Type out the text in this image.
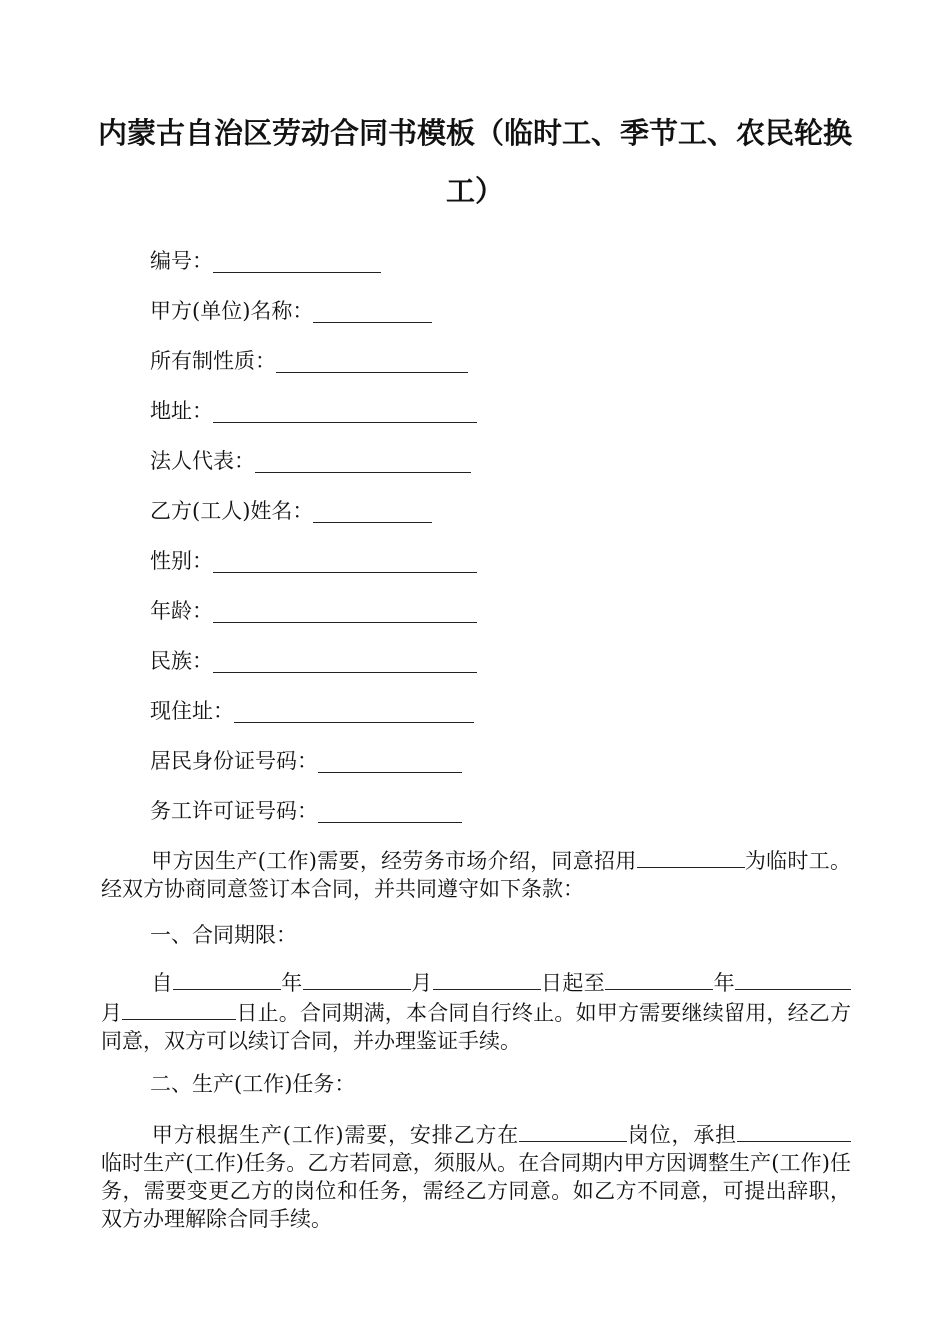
内蒙古自治区劳动合同书模板（临时工、季节工、农民轮换工）
编号：
甲方(单位)名称：
所有制性质：
地址：
法人代表：
乙方(工人)姓名：
性别：
年龄：
民族：
现住址：
居民身份证号码：
务工许可证号码：

甲方因生产(工作)需要，经劳务市场介绍，同意招用	为临时工。经双方协商同意签订本合同，并共同遵守如下条款：

一、合同期限：

自	年	月	日起至	年月	日止。合同期满，本合同自行终止。如甲方需要继续留用，经乙方同意，双方可以续订合同，并办理鉴证手续。

二、生产(工作)任务：

甲方根据生产(工作)需要，安排乙方在	岗位，承担临时生产(工作)任务。乙方若同意，须服从。在合同期内甲方因调整生产(工作)任务，需要变更乙方的岗位和任务，需经乙方同意。如乙方不同意，可提出辞职，双方办理解除合同手续。
